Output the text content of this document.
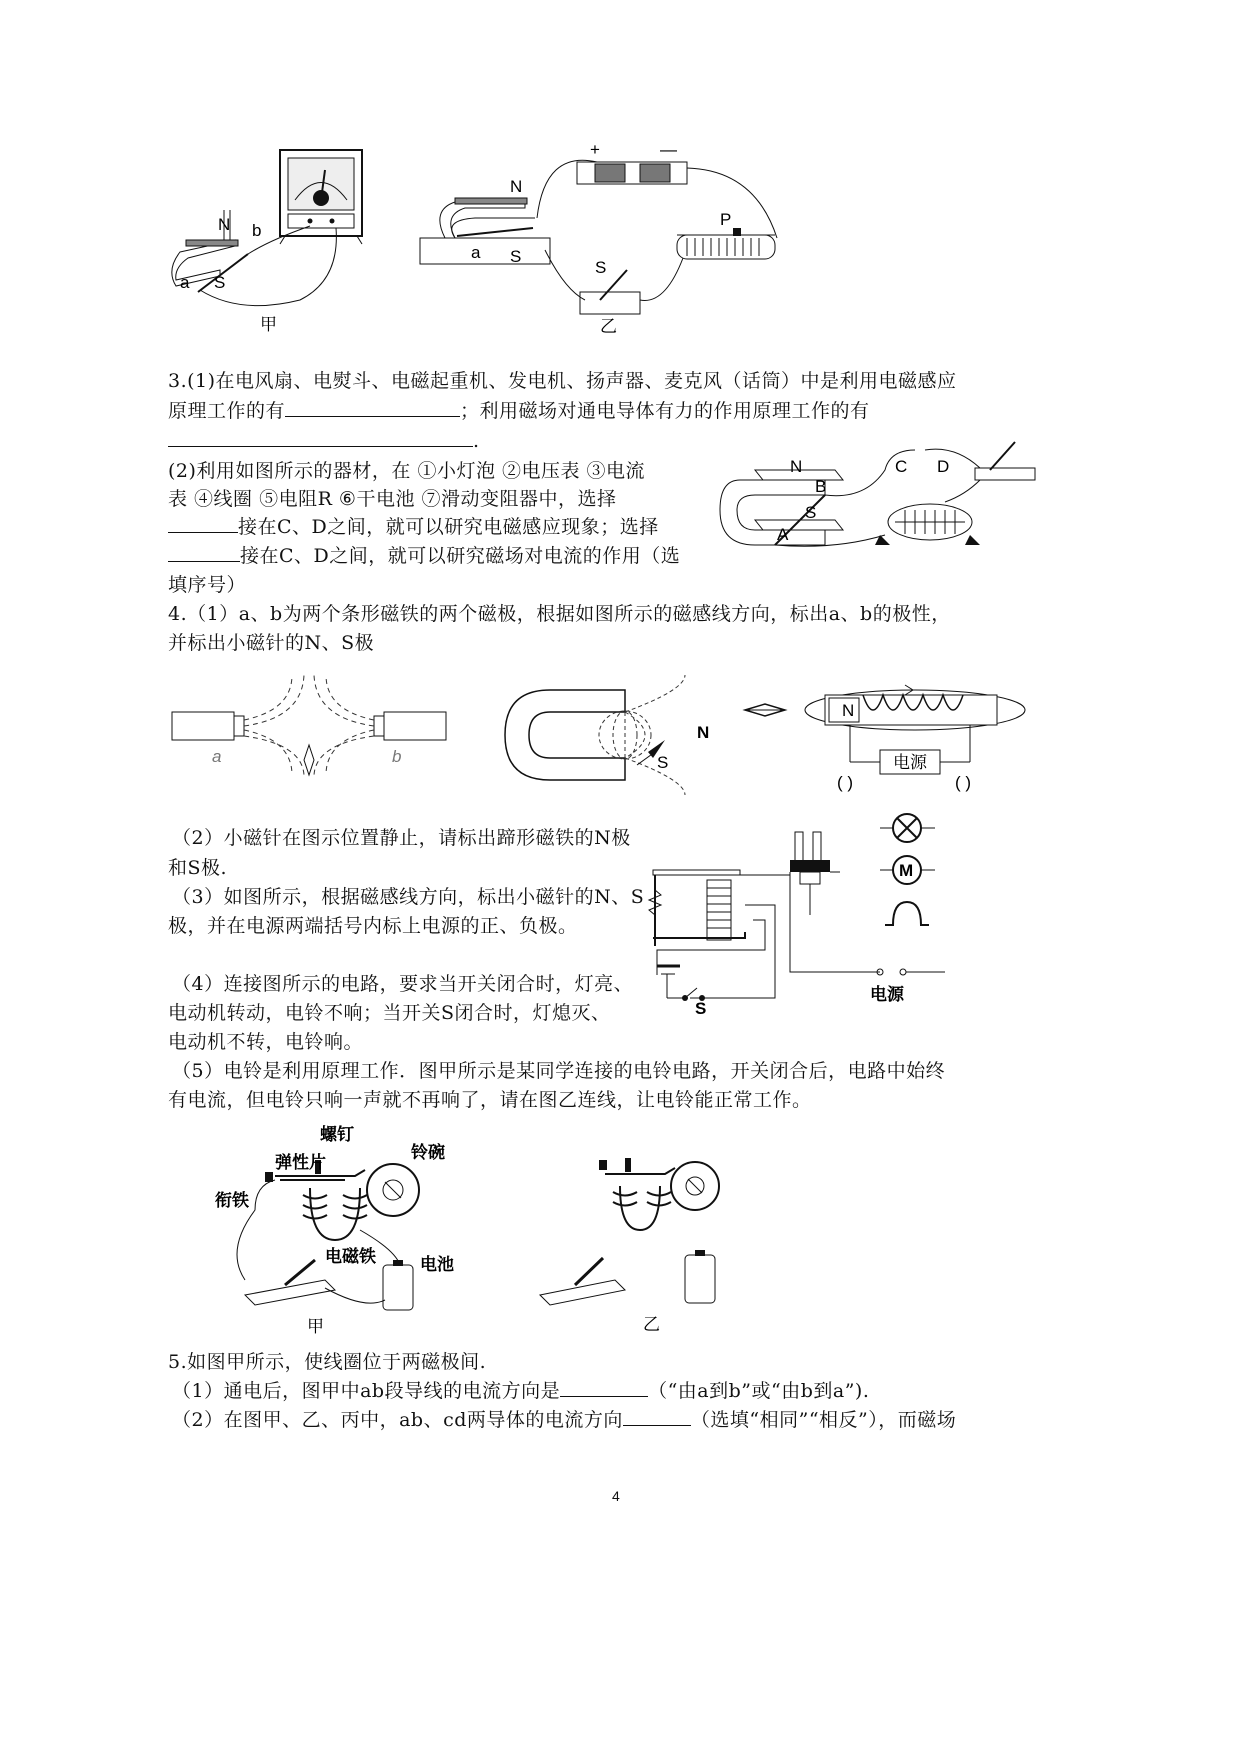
N b
a S
甲
+	—
N
a S
P
S
乙
3.(1)在电风扇、电熨斗、电磁起重机、发电机、扬声器、麦克风（话筒）中是利用电磁感应
原理工作的有	；利用磁场对通电导体有力的作用原理工作的有
.
(2)利用如图所示的器材，在 ①小灯泡 ②电压表 ③电流
表 ④线圈 ⑤电阻R ⑥干电池 ⑦滑动变阻器中，选择
接在C、D之间，就可以研究电磁感应现象；选择
接在C、D之间，就可以研究磁场对电流的作用（选
填序号）
N
S
B
A
C D
4.（1）a、b为两个条形磁铁的两个磁极，根据如图所示的磁感线方向，标出a、b的极性，
并标出小磁针的N、S极
a	b
N
S
N
电源
( )	( )
（2）小磁针在图示位置静止，请标出蹄形磁铁的N极
和S极.
（3）如图所示，根据磁感线方向，标出小磁针的N、S
极，并在电源两端括号内标上电源的正、负极。
（4）连接图所示的电路，要求当开关闭合时，灯亮、
电动机转动，电铃不响；当开关S闭合时，灯熄灭、
电动机不转，电铃响。
S
电源
M
（5）电铃是利用原理工作．图甲所示是某同学连接的电铃电路，开关闭合后，电路中始终
有电流，但电铃只响一声就不再响了，请在图乙连线，让电铃能正常工作。
螺钉
弹性片
铃碗
衔铁
电磁铁	电池
甲	乙
5.如图甲所示，使线圈位于两磁极间.
（1）通电后，图甲中ab段导线的电流方向是	（“由a到b”或“由b到a”).
（2）在图甲、乙、丙中，ab、cd两导体的电流方向	（选填“相同”“相反”），而磁场
4
